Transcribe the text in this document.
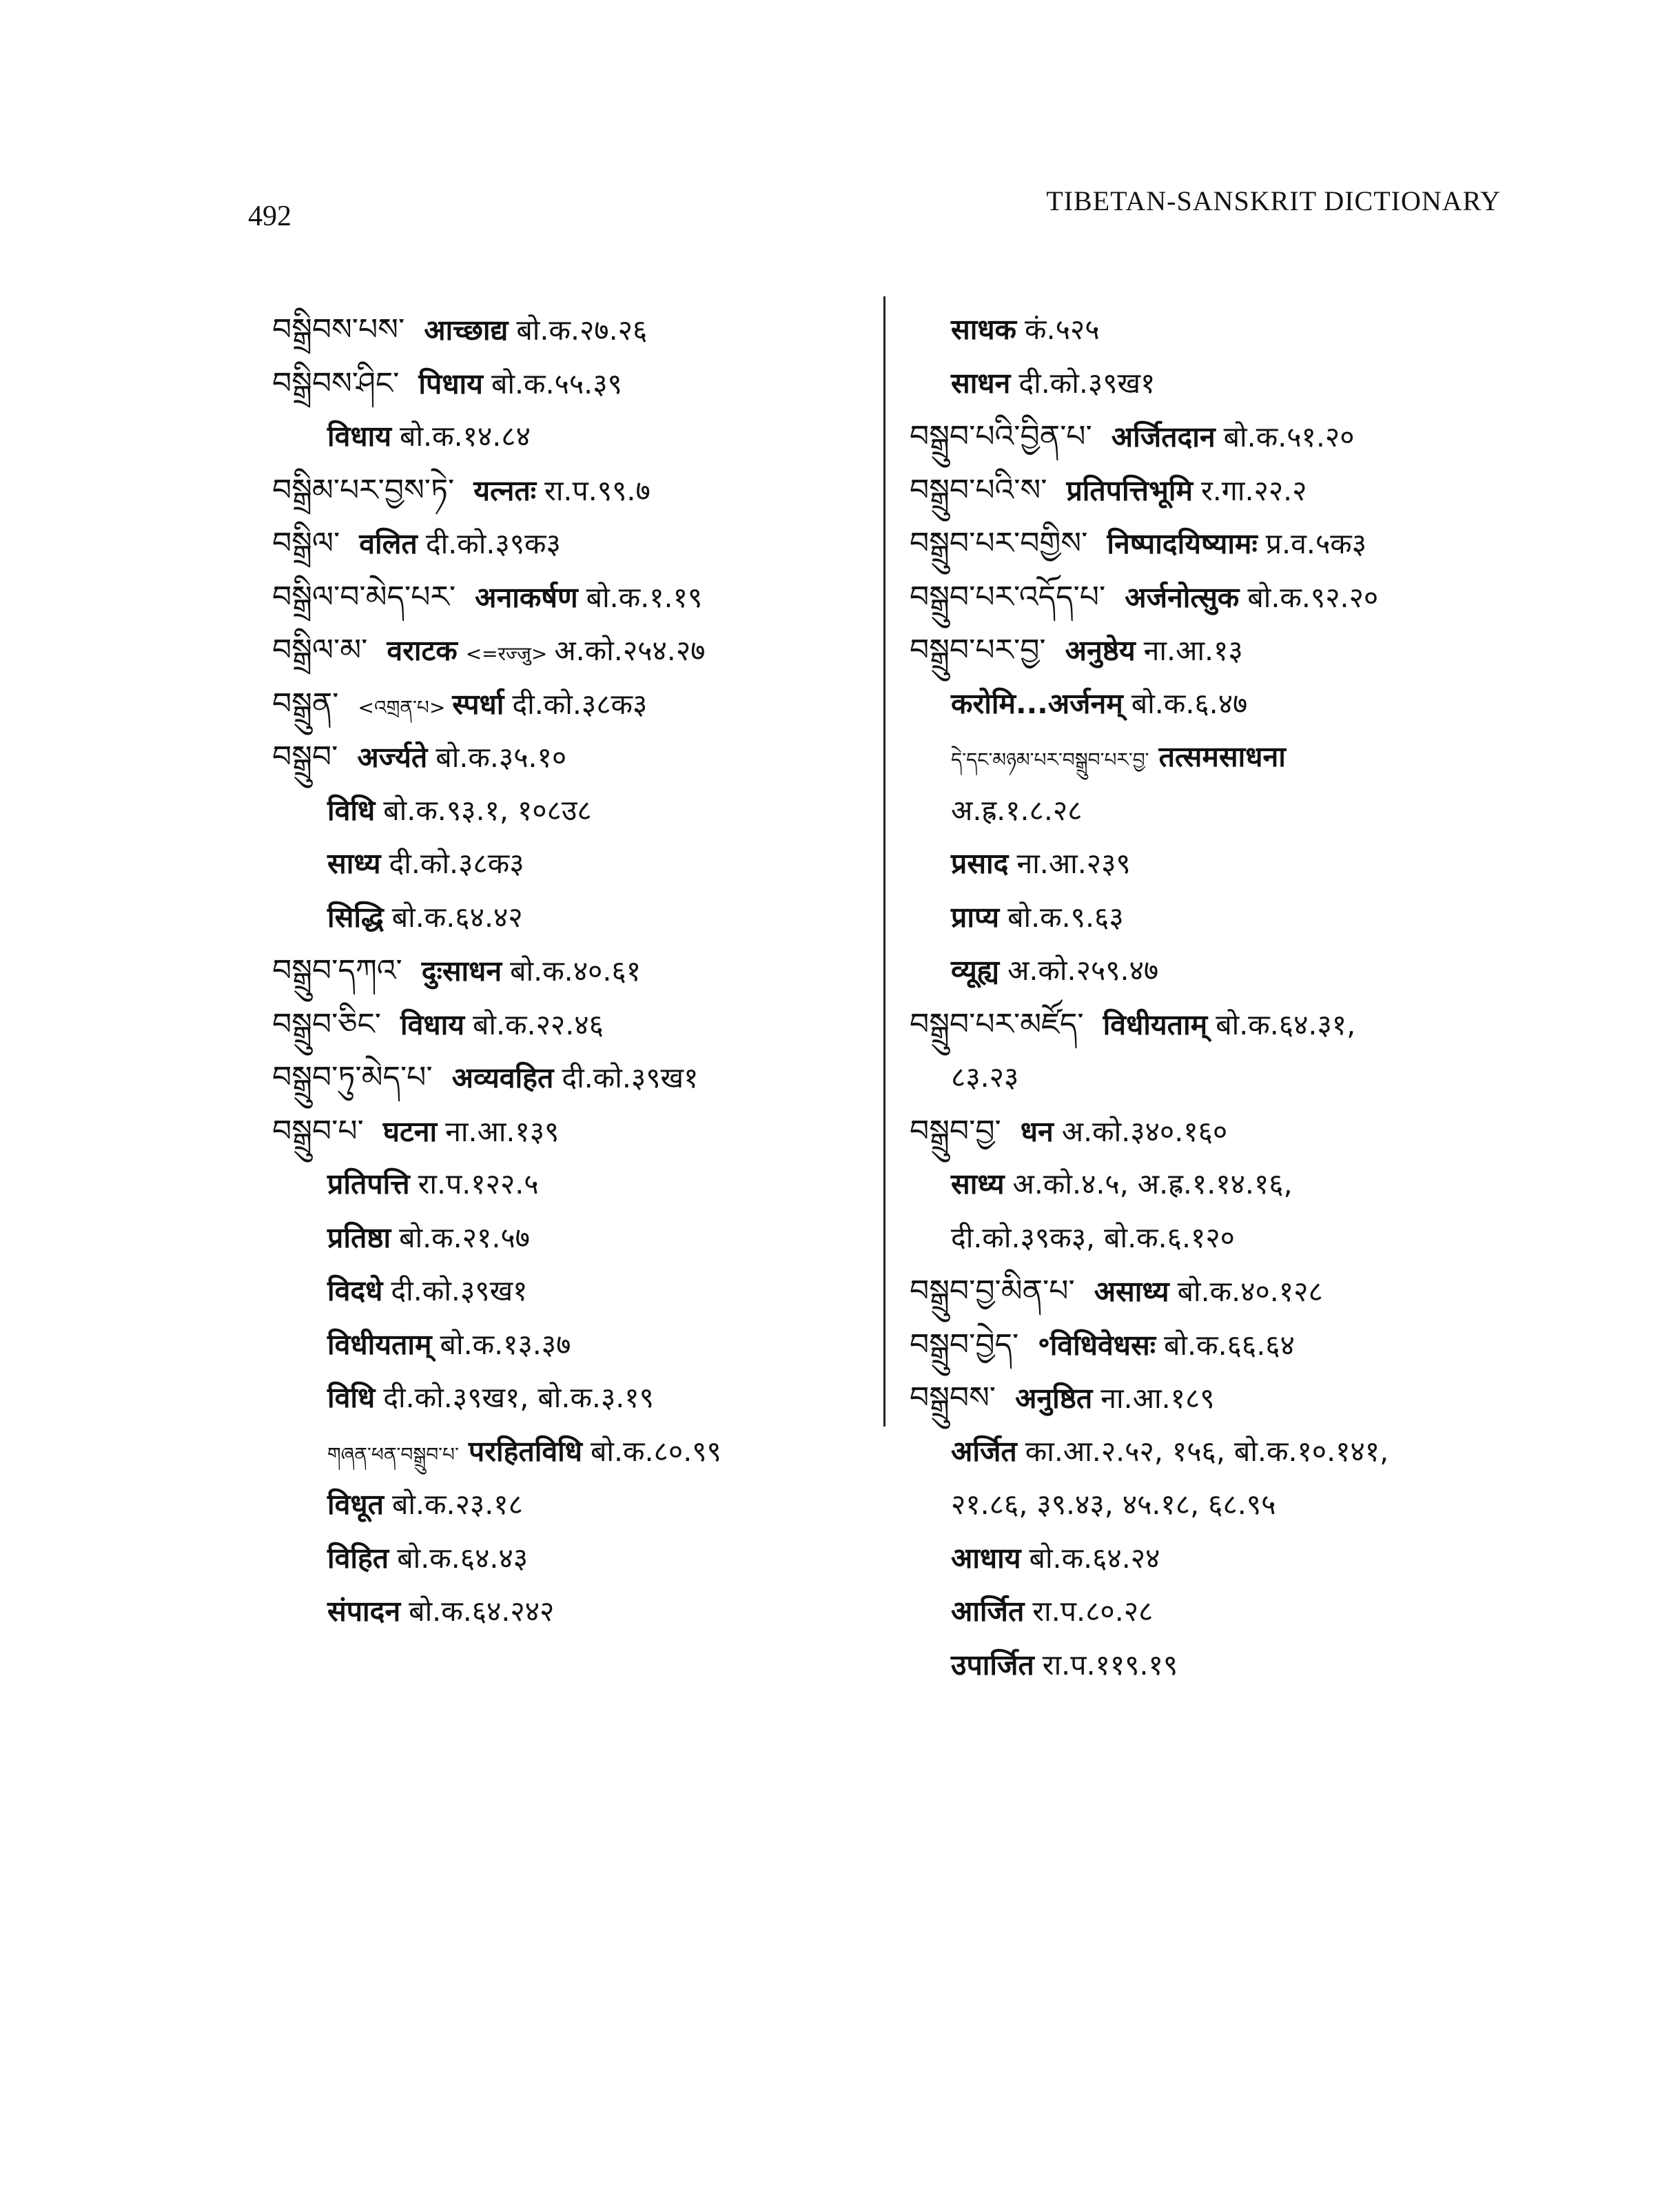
492	TIBETAN-SANSKRIT DICTIONARY
བསྒྲིབས་པས་ आच्छाद्य बो.क.२७.२६
བསྒྲིབས་ཤིང་ पिधाय बो.क.५५.३९
विधाय बो.क.१४.८४
བསྒྲིམ་པར་བྱས་ཏེ་ यत्नतः रा.प.९९.७
བསྒྲིལ་ वलित दी.को.३९क३
བསྒྲིལ་བ་མེད་པར་ अनाकर्षण बो.क.१.१९
བསྒྲིལ་མ་ वराटक <=रज्जु> अ.को.२५४.२७
བསྒྲུན་ <འགྲན་པ> स्पर्धा दी.को.३८क३
བསྒྲུབ་ अर्ज्यते बो.क.३५.१०
विधि बो.क.९३.१, १०८उ८
साध्य दी.को.३८क३
सिद्धि बो.क.६४.४२
བསྒྲུབ་དཀའ་ दुःसाधन बो.क.४०.६१
བསྒྲུབ་ཅིང་ विधाय बो.क.२२.४६
བསྒྲུབ་ཏུ་མེད་པ་ अव्यवहित दी.को.३९ख१
བསྒྲུབ་པ་ घटना ना.आ.१३९
प्रतिपत्ति रा.प.१२२.५
प्रतिष्ठा बो.क.२१.५७
विदधे दी.को.३९ख१
विधीयताम् बो.क.१३.३७
विधि दी.को.३९ख१, बो.क.३.१९
གཞན་ཕན་བསྒྲུབ་པ་ परहितविधि बो.क.८०.९९
विधूत बो.क.२३.१८
विहित बो.क.६४.४३
संपादन बो.क.६४.२४२
साधक कं.५२५
साधन दी.को.३९ख१
བསྒྲུབ་པའི་བྱིན་པ་ अर्जितदान बो.क.५१.२०
བསྒྲུབ་པའི་ས་ प्रतिपत्तिभूमि र.गा.२२.२
བསྒྲུབ་པར་བགྱིས་ निष्पादयिष्यामः प्र.व.५क३
བསྒྲུབ་པར་འདོད་པ་ अर्जनोत्सुक बो.क.९२.२०
བསྒྲུབ་པར་བྱ་ अनुष्ठेय ना.आ.१३
करोमि...अर्जनम् बो.क.६.४७
དེ་དང་མཉམ་པར་བསྒྲུབ་པར་བྱ་ तत्समसाधना
अ.ह्र.१.८.२८
प्रसाद ना.आ.२३९
प्राप्य बो.क.९.६३
व्यूह्य अ.को.२५९.४७
བསྒྲུབ་པར་མཛོད་ विधीयताम् बो.क.६४.३१,
८३.२३
བསྒྲུབ་བྱ་ धन अ.को.३४०.१६०
साध्य अ.को.४.५, अ.ह्र.१.१४.१६,
दी.को.३९क३, बो.क.६.१२०
བསྒྲུབ་བྱ་མིན་པ་ असाध्य बो.क.४०.१२८
བསྒྲུབ་བྱེད་ ॰विधिवेधसः बो.क.६६.६४
བསྒྲུབས་ अनुष्ठित ना.आ.१८९
अर्जित का.आ.२.५२, १५६, बो.क.१०.१४१,
२१.८६, ३९.४३, ४५.१८, ६८.९५
आधाय बो.क.६४.२४
आर्जित रा.प.८०.२८
उपार्जित रा.प.११९.१९
